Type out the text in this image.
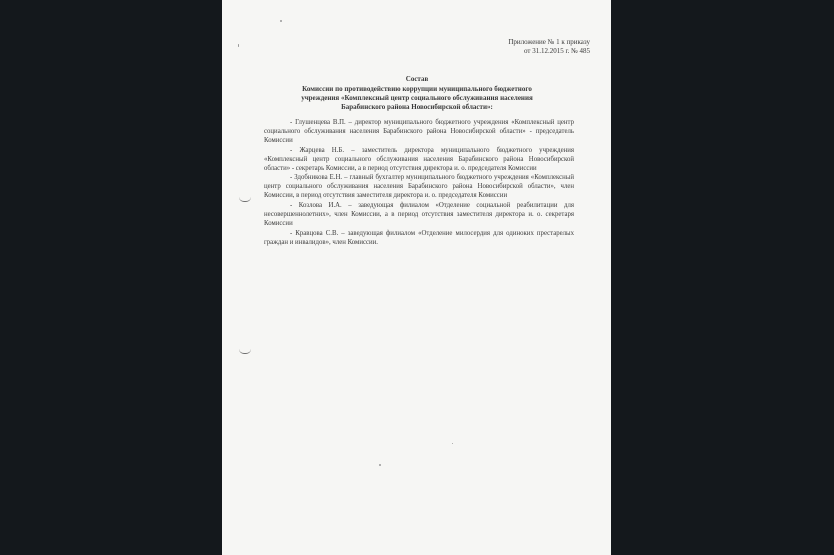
Приложение № 1 к приказу
от 31.12.2015 г. № 485
Состав
Комиссии по противодействию коррупции муниципального бюджетного
учреждения «Комплексный центр социального обслуживания населения
Барабинского района Новосибирской области»:

- Глушенцева В.П. – директор муниципального бюджетного учреждения «Комплексный центр социального обслуживания населения Барабинского района Новосибирской области» - председатель Комиссии

- Жарцева Н.Б. – заместитель директора муниципального бюджетного учреждения «Комплексный центр социального обслуживания населения Барабинского района Новосибирской области» - секретарь Комиссии, а в период отсутствия директора и. о. председателя Комиссии

- Здобникова Е.Н. – главный бухгалтер муниципального бюджетного учреждения «Комплексный центр социального обслуживания населения Барабинского района Новосибирской области», член Комиссии, в период отсутствия заместителя директора и. о. председателя Комиссии

- Козлова И.А. – заведующая филиалом «Отделение социальной реабилитации для несовершеннолетних», член Комиссии, а в период отсутствия заместителя директора и. о. секретаря Комиссии

- Кравцова С.В. – заведующая филиалом «Отделение милосердия для одиноких престарелых граждан и инвалидов», член Комиссии.
